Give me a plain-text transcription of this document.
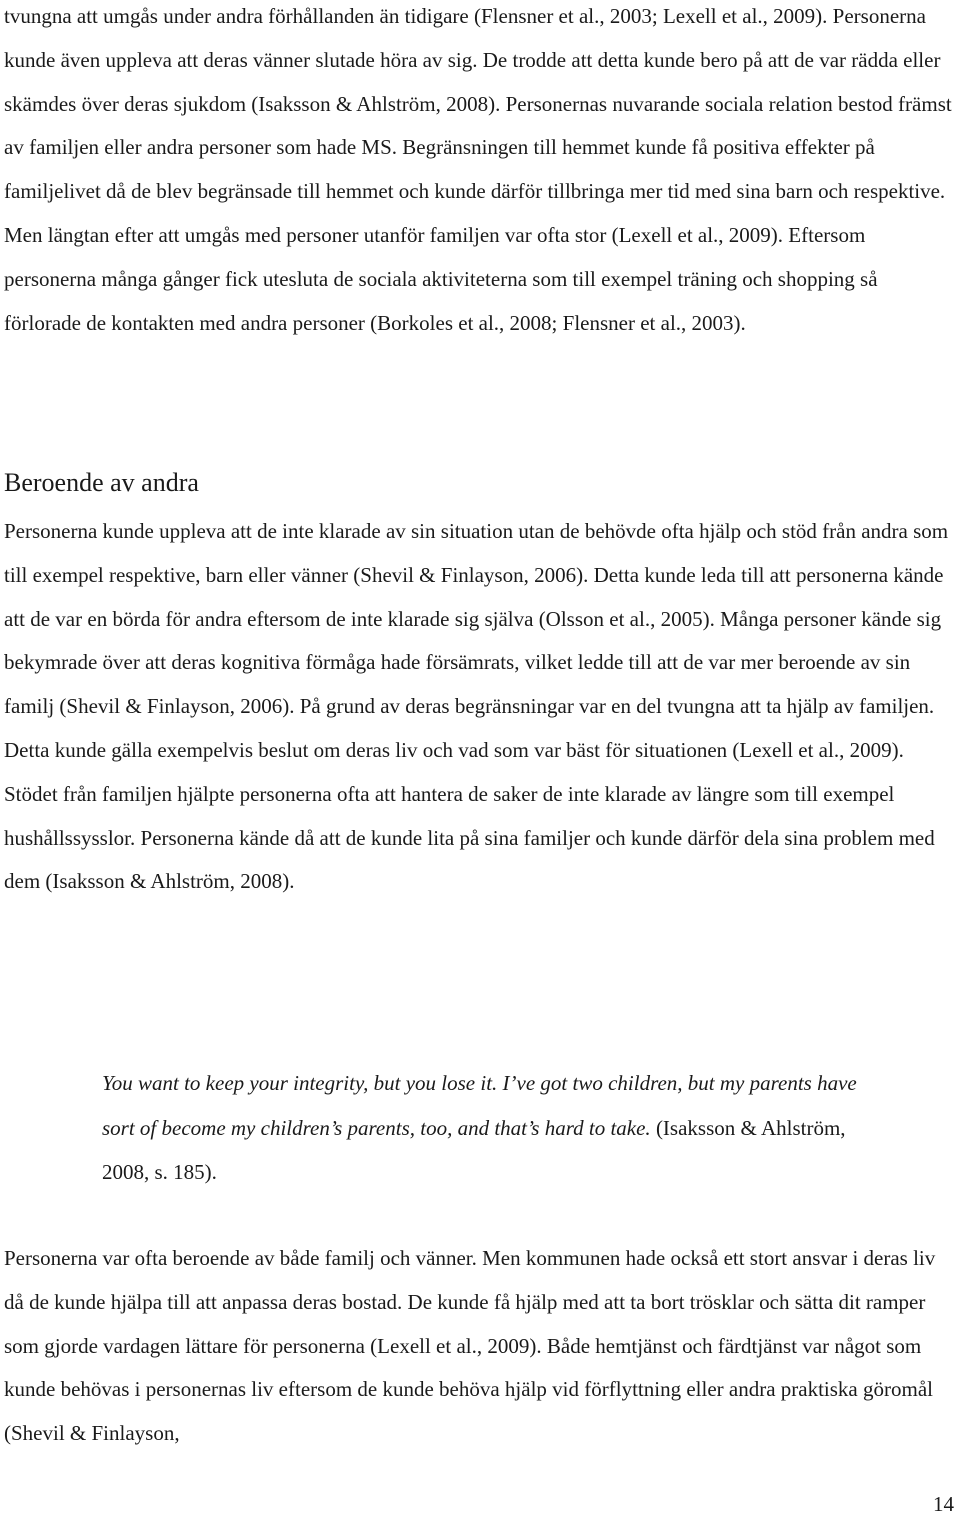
tvungna att umgås under andra förhållanden än tidigare (Flensner et al., 2003; Lexell et al., 2009). Personerna kunde även uppleva att deras vänner slutade höra av sig. De trodde att detta kunde bero på att de var rädda eller skämdes över deras sjukdom (Isaksson & Ahlström, 2008). Personernas nuvarande sociala relation bestod främst av familjen eller andra personer som hade MS. Begränsningen till hemmet kunde få positiva effekter på familjelivet då de blev begränsade till hemmet och kunde därför tillbringa mer tid med sina barn och respektive. Men längtan efter att umgås med personer utanför familjen var ofta stor (Lexell et al., 2009). Eftersom personerna många gånger fick utesluta de sociala aktiviteterna som till exempel träning och shopping så förlorade de kontakten med andra personer (Borkoles et al., 2008; Flensner et al., 2003).

Beroende av andra

Personerna kunde uppleva att de inte klarade av sin situation utan de behövde ofta hjälp och stöd från andra som till exempel respektive, barn eller vänner (Shevil & Finlayson, 2006). Detta kunde leda till att personerna kände att de var en börda för andra eftersom de inte klarade sig själva (Olsson et al., 2005). Många personer kände sig bekymrade över att deras kognitiva förmåga hade försämrats, vilket ledde till att de var mer beroende av sin familj (Shevil & Finlayson, 2006). På grund av deras begränsningar var en del tvungna att ta hjälp av familjen. Detta kunde gälla exempelvis beslut om deras liv och vad som var bäst för situationen (Lexell et al., 2009). Stödet från familjen hjälpte personerna ofta att hantera de saker de inte klarade av längre som till exempel hushållssysslor. Personerna kände då att de kunde lita på sina familjer och kunde därför dela sina problem med dem (Isaksson & Ahlström, 2008).

You want to keep your integrity, but you lose it. I’ve got two children, but my parents have sort of become my children’s parents, too, and that’s hard to take. (Isaksson & Ahlström, 2008, s. 185).

Personerna var ofta beroende av både familj och vänner. Men kommunen hade också ett stort ansvar i deras liv då de kunde hjälpa till att anpassa deras bostad. De kunde få hjälp med att ta bort trösklar och sätta dit ramper som gjorde vardagen lättare för personerna (Lexell et al., 2009). Både hemtjänst och färdtjänst var något som kunde behövas i personernas liv eftersom de kunde behöva hjälp vid förflyttning eller andra praktiska göromål (Shevil & Finlayson,

14
